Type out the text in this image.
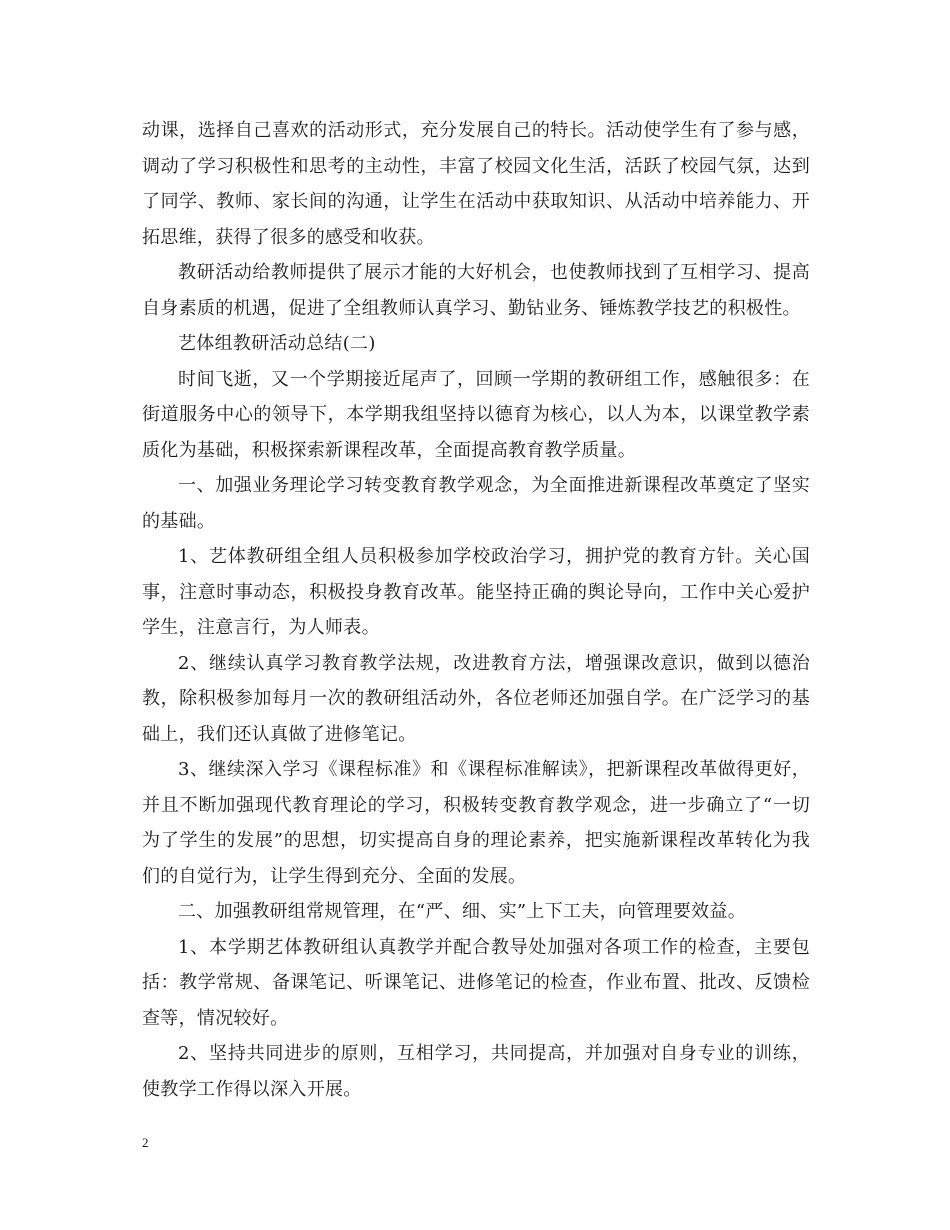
动课，选择自己喜欢的活动形式，充分发展自己的特长。活动使学生有了参与感，调动了学习积极性和思考的主动性，丰富了校园文化生活，活跃了校园气氛，达到了同学、教师、家长间的沟通，让学生在活动中获取知识、从活动中培养能力、开拓思维，获得了很多的感受和收获。

教研活动给教师提供了展示才能的大好机会，也使教师找到了互相学习、提高自身素质的机遇，促进了全组教师认真学习、勤钻业务、锤炼教学技艺的积极性。

艺体组教研活动总结(二)

时间飞逝，又一个学期接近尾声了，回顾一学期的教研组工作，感触很多：在街道服务中心的领导下，本学期我组坚持以德育为核心，以人为本，以课堂教学素质化为基础，积极探索新课程改革，全面提高教育教学质量。

一、加强业务理论学习转变教育教学观念，为全面推进新课程改革奠定了坚实的基础。

1、艺体教研组全组人员积极参加学校政治学习，拥护党的教育方针。关心国事，注意时事动态，积极投身教育改革。能坚持正确的舆论导向，工作中关心爱护学生，注意言行，为人师表。

2、继续认真学习教育教学法规，改进教育方法，增强课改意识，做到以德治教，除积极参加每月一次的教研组活动外，各位老师还加强自学。在广泛学习的基础上，我们还认真做了进修笔记。

3、继续深入学习《课程标准》和《课程标准解读》，把新课程改革做得更好，并且不断加强现代教育理论的学习，积极转变教育教学观念，进一步确立了“一切为了学生的发展”的思想，切实提高自身的理论素养，把实施新课程改革转化为我们的自觉行为，让学生得到充分、全面的发展。

二、加强教研组常规管理，在“严、细、实”上下工夫，向管理要效益。

1、本学期艺体教研组认真教学并配合教导处加强对各项工作的检查，主要包括：教学常规、备课笔记、听课笔记、进修笔记的检查，作业布置、批改、反馈检查等，情况较好。

2、坚持共同进步的原则，互相学习，共同提高，并加强对自身专业的训练，使教学工作得以深入开展。

2
